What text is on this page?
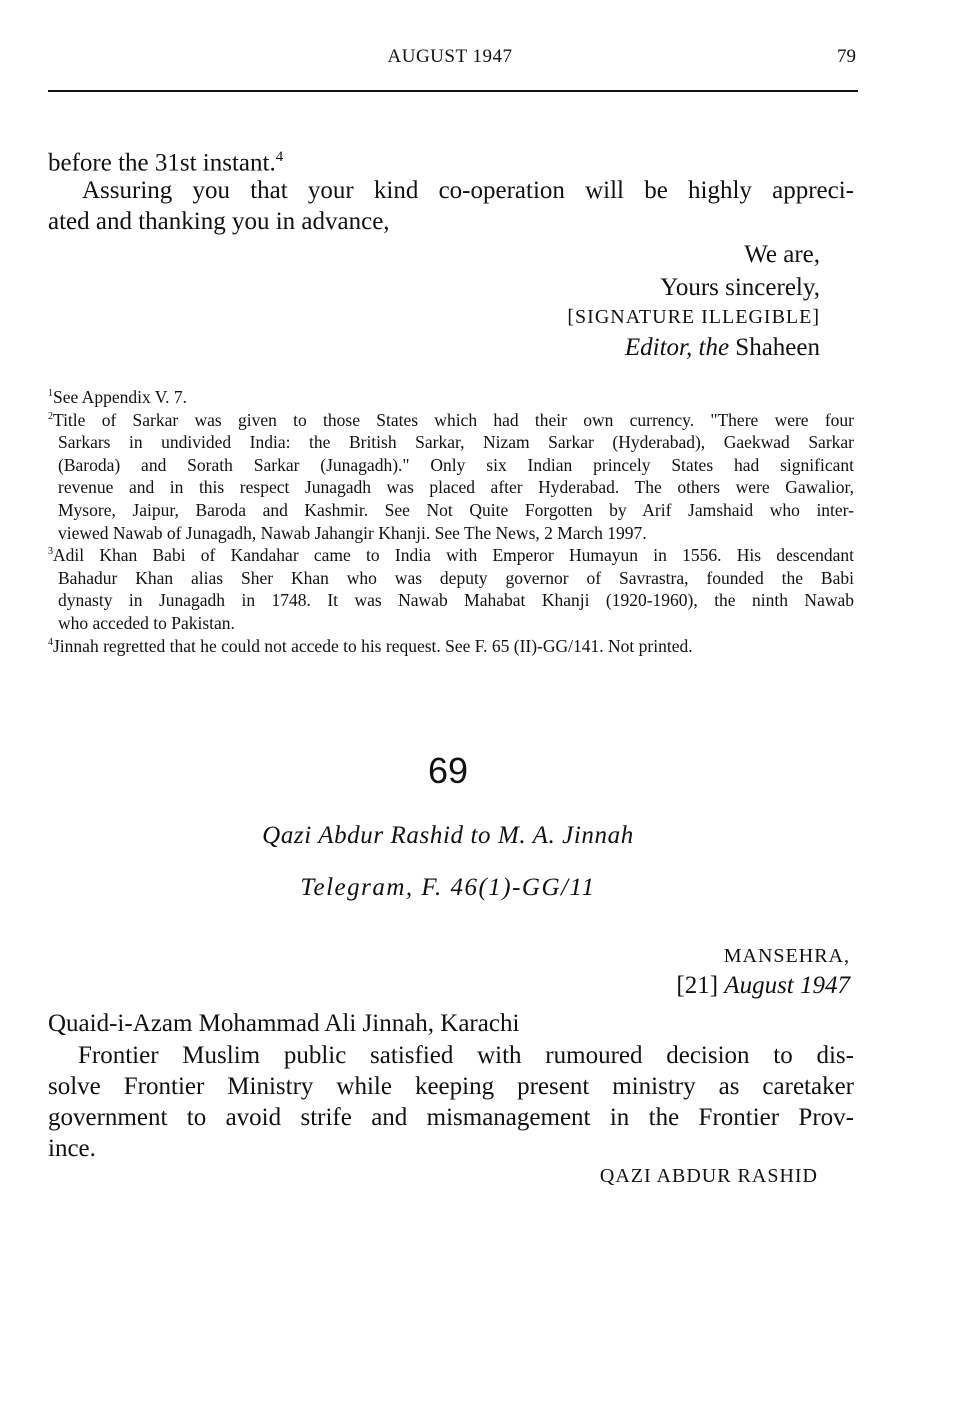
AUGUST 1947	79
before the 31st instant.$^4$
Assuring you that your kind co-operation will be highly appreci-
ated and thanking you in advance,
We are,
Yours sincerely,
[SIGNATURE ILLEGIBLE]
Editor, the Shaheen
$^1$See Appendix V. 7.
$^2$Title of Sarkar was given to those States which had their own currency. "There were four
Sarkars in undivided India: the British Sarkar, Nizam Sarkar (Hyderabad), Gaekwad Sarkar
(Baroda) and Sorath Sarkar (Junagadh)." Only six Indian princely States had significant
revenue and in this respect Junagadh was placed after Hyderabad. The others were Gawalior,
Mysore, Jaipur, Baroda and Kashmir. See Not Quite Forgotten by Arif Jamshaid who inter-
viewed Nawab of Junagadh, Nawab Jahangir Khanji. See The News, 2 March 1997.
$^3$Adil Khan Babi of Kandahar came to India with Emperor Humayun in 1556. His descendant
Bahadur Khan alias Sher Khan who was deputy governor of Savrastra, founded the Babi
dynasty in Junagadh in 1748. It was Nawab Mahabat Khanji (1920-1960), the ninth Nawab
who acceded to Pakistan.
$^4$Jinnah regretted that he could not accede to his request. See F. 65 (II)-GG/141. Not printed.
69
Qazi Abdur Rashid to M. A. Jinnah
Telegram, F. 46(1)-GG/11
MANSEHRA,
[21] August 1947
Quaid-i-Azam Mohammad Ali Jinnah, Karachi
Frontier Muslim public satisfied with rumoured decision to dis-
solve Frontier Ministry while keeping present ministry as caretaker
government to avoid strife and mismanagement in the Frontier Prov-
ince.
QAZI ABDUR RASHID
